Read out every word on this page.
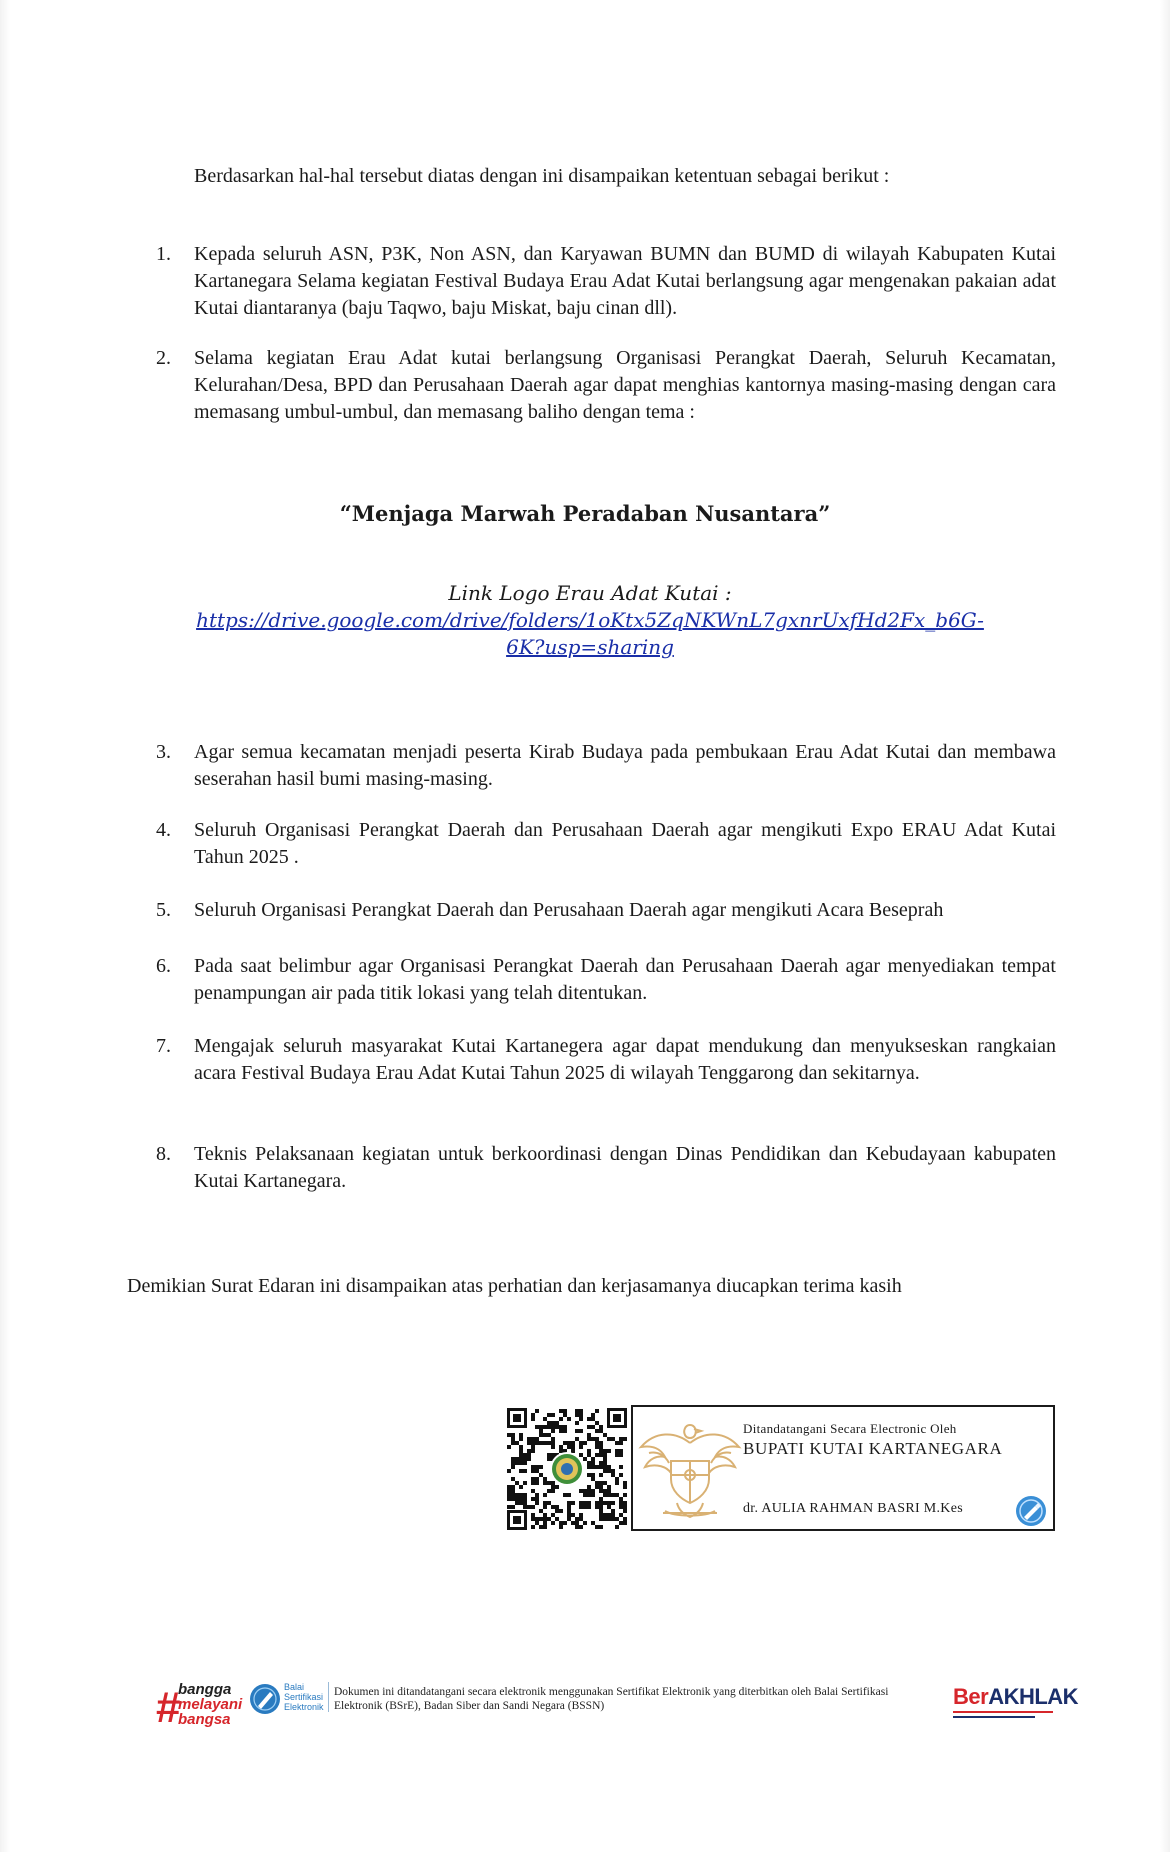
Berdasarkan hal-hal tersebut diatas dengan ini disampaikan ketentuan sebagai berikut :
1.	Kepada seluruh ASN, P3K, Non ASN, dan Karyawan BUMN dan BUMD di wilayah Kabupaten Kutai Kartanegara Selama kegiatan Festival Budaya Erau Adat Kutai berlangsung agar mengenakan pakaian adat Kutai diantaranya (baju Taqwo, baju Miskat, baju cinan dll).
2.	Selama kegiatan Erau Adat kutai berlangsung Organisasi Perangkat Daerah, Seluruh Kecamatan, Kelurahan/Desa, BPD dan Perusahaan Daerah agar dapat menghias kantornya masing-masing dengan cara memasang umbul-umbul, dan memasang baliho dengan tema :
“Menjaga Marwah Peradaban Nusantara”
Link Logo Erau Adat Kutai :
https://drive.google.com/drive/folders/1oKtx5ZqNKWnL7gxnrUxfHd2Fx_b6G-
6K?usp=sharing
3.	Agar semua kecamatan menjadi peserta Kirab Budaya pada pembukaan Erau Adat Kutai dan membawa seserahan hasil bumi masing-masing.
4.	Seluruh Organisasi Perangkat Daerah dan Perusahaan Daerah agar mengikuti Expo ERAU Adat Kutai Tahun 2025 .
5.	Seluruh Organisasi Perangkat Daerah dan Perusahaan Daerah agar mengikuti Acara Beseprah
6.	Pada saat belimbur agar Organisasi Perangkat Daerah dan Perusahaan Daerah agar menyediakan tempat penampungan air pada titik lokasi yang telah ditentukan.
7.	Mengajak seluruh masyarakat Kutai Kartanegera agar dapat mendukung dan menyukseskan rangkaian acara Festival Budaya Erau Adat Kutai Tahun 2025 di wilayah Tenggarong dan sekitarnya.
8.	Teknis Pelaksanaan kegiatan untuk berkoordinasi dengan Dinas Pendidikan dan Kebudayaan kabupaten Kutai Kartanegara.
Demikian Surat Edaran ini disampaikan atas perhatian dan kerjasamanya diucapkan terima kasih
Ditandatangani Secara Electronic Oleh
BUPATI KUTAI KARTANEGARA
dr. AULIA RAHMAN BASRI M.Kes
#
bangga
melayani
bangsa
Balai
Sertifikasi
Elektronik
Dokumen ini ditandatangani secara elektronik menggunakan Sertifikat Elektronik yang diterbitkan oleh Balai Sertifikasi Elektronik (BSrE), Badan Siber dan Sandi Negara (BSSN)	BerAKHLAK
